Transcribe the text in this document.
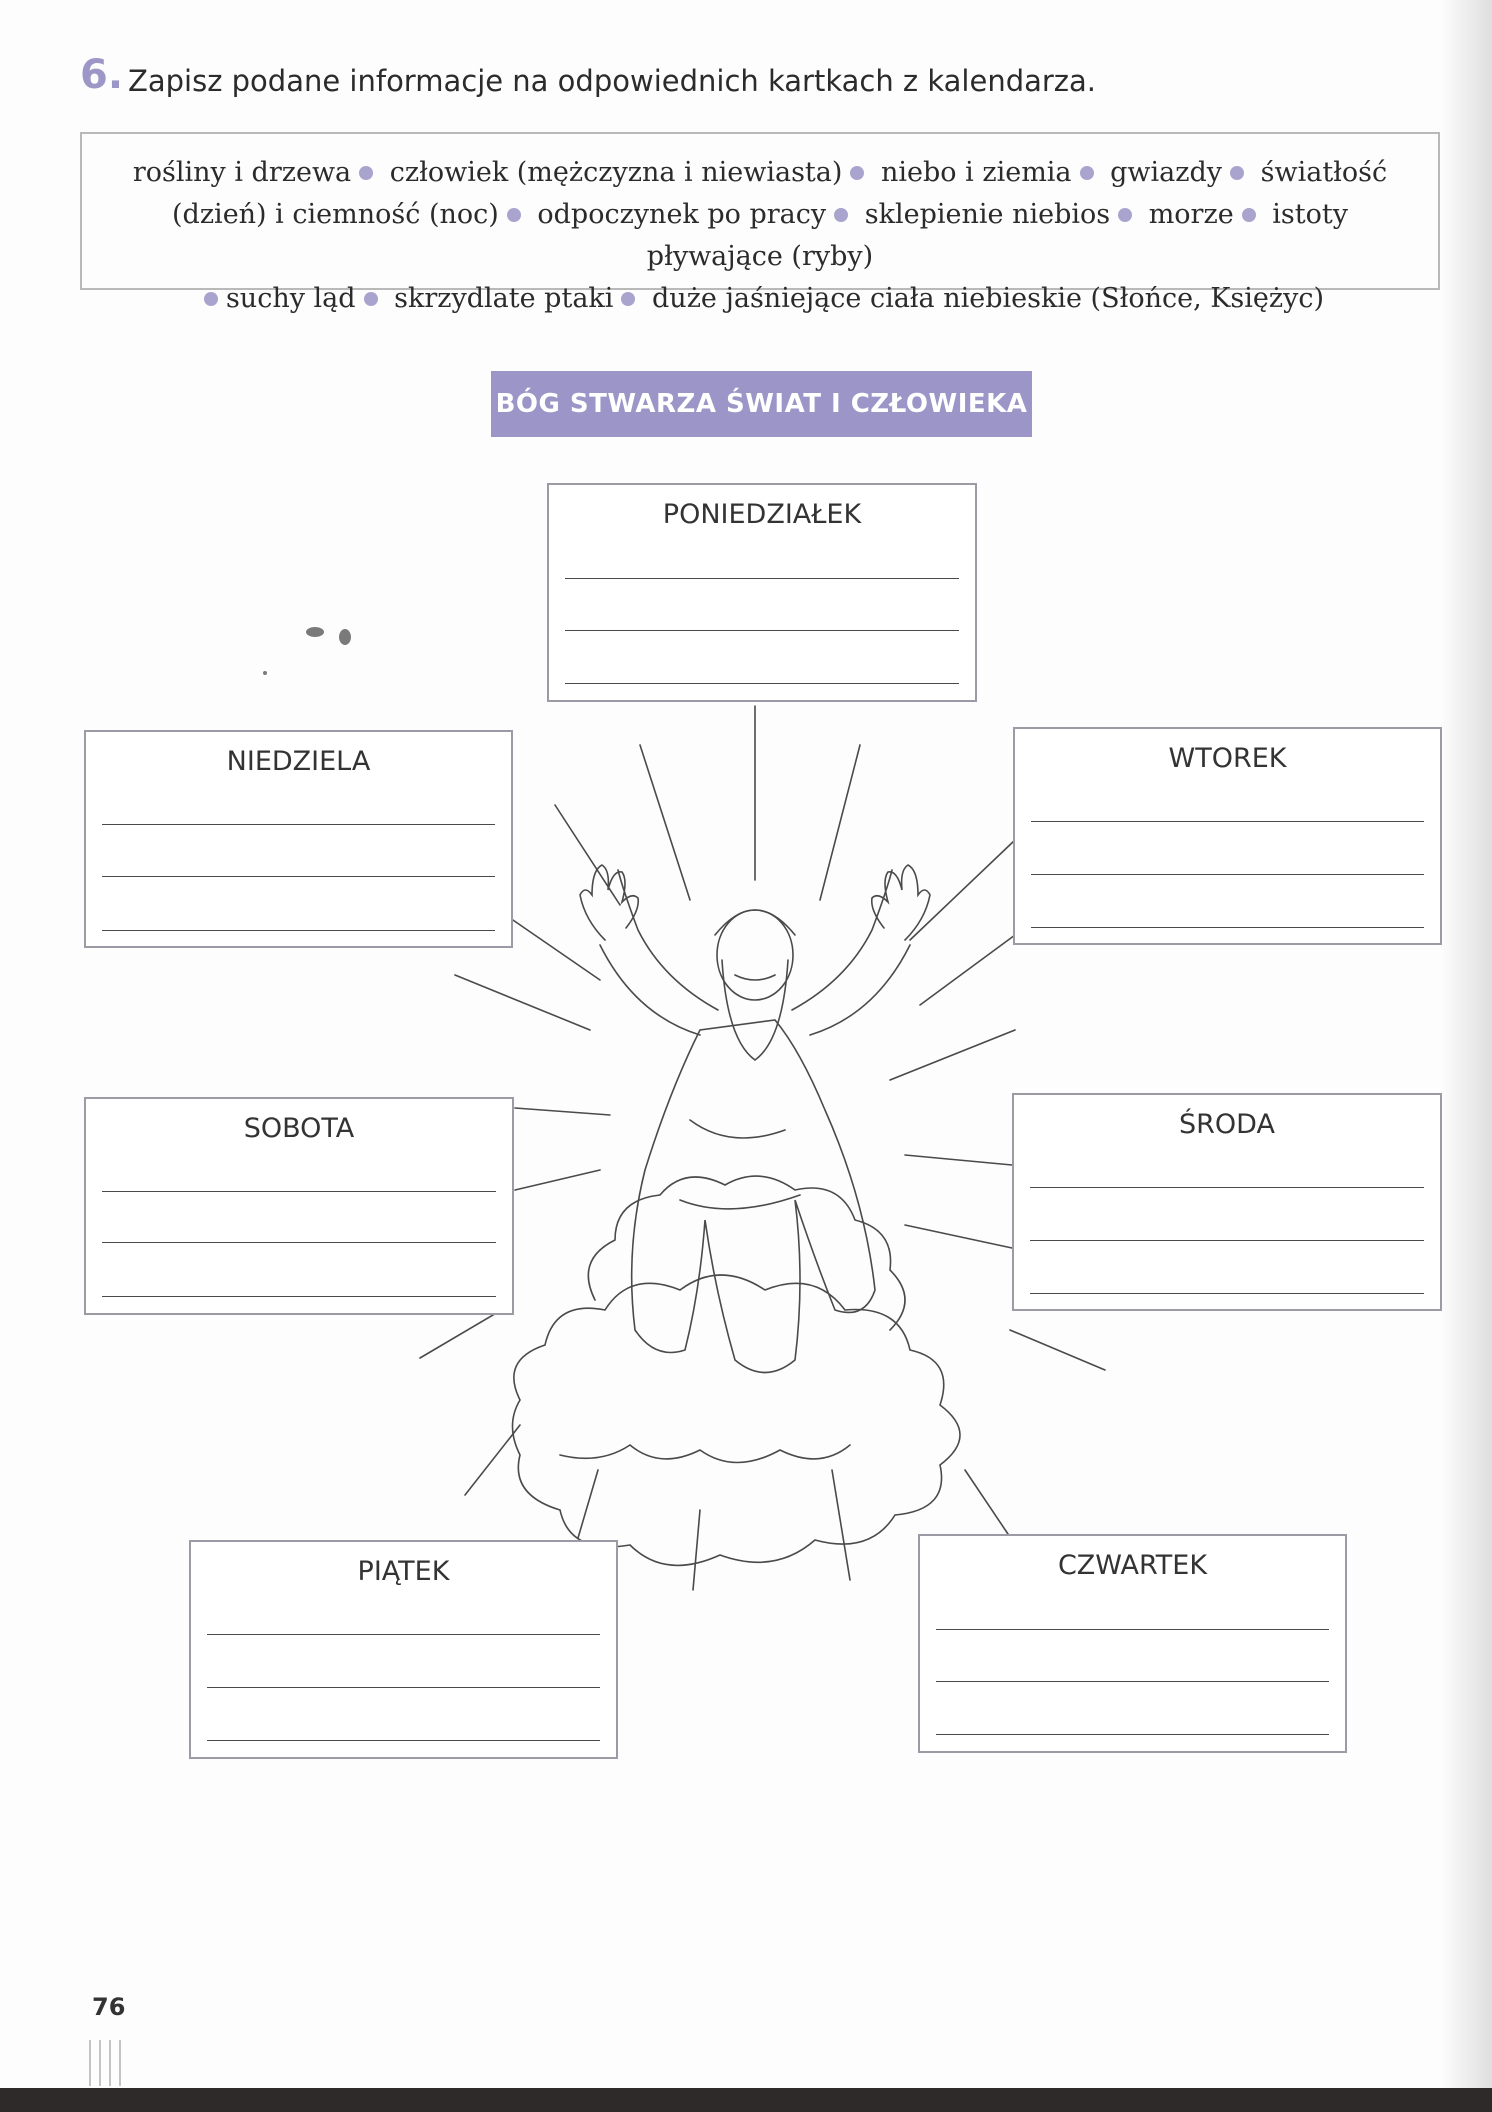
6. Zapisz podane informacje na odpowiednich kartkach z kalendarza.
rośliny i drzewa człowiek (mężczyzna i niewiasta) niebo i ziemia gwiazdy światłość (dzień) i ciemność (noc) odpoczynek po pracy sklepienie niebios morze istoty pływające (ryby)
suchy ląd skrzydlate ptaki duże jaśniejące ciała niebieskie (Słońce, Księżyc)
BÓG STWARZA ŚWIAT I CZŁOWIEKA
PONIEDZIAŁEK
NIEDZIELA	WTOREK
SOBOTA	ŚRODA
PIĄTEK	CZWARTEK
76
